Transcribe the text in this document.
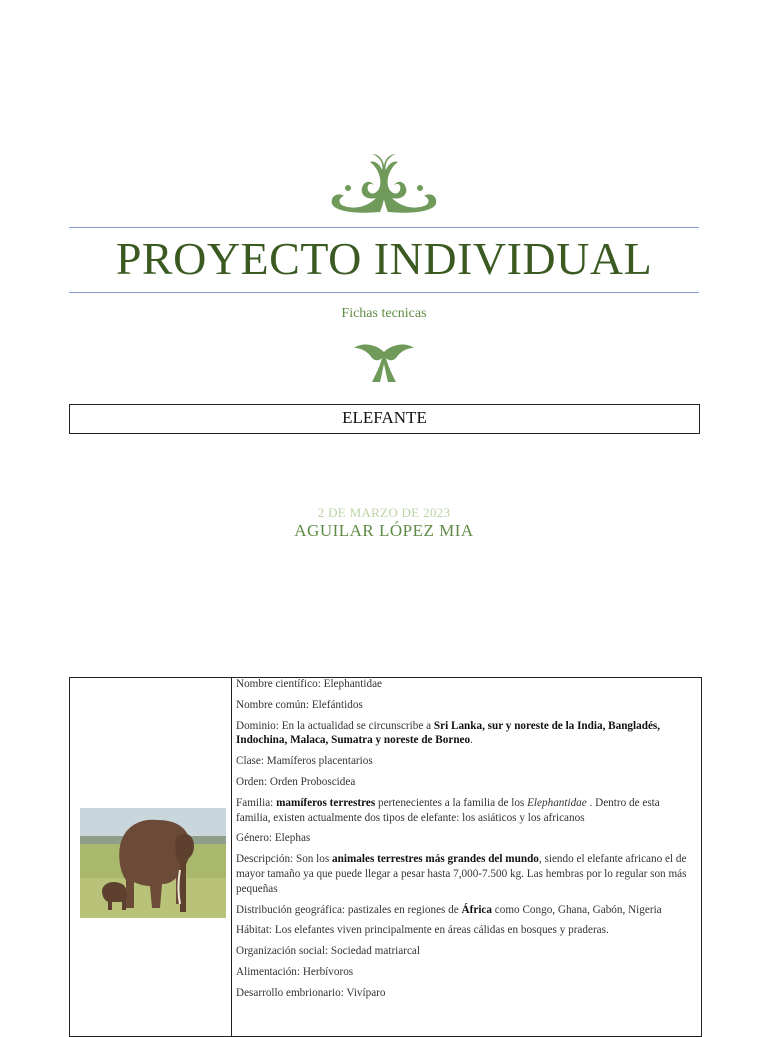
PROYECTO INDIVIDUAL
Fichas tecnicas
ELEFANTE
2 DE MARZO DE 2023
AGUILAR LÓPEZ MIA

Nombre científico: Elephantidae

Nombre común: Elefántidos

Dominio: En la actualidad se circunscribe a Sri Lanka, sur y noreste de la India, Bangladés, Indochina, Malaca, Sumatra y noreste de Borneo.

Clase: Mamíferos placentarios

Orden: Orden Proboscidea

Familia: mamíferos terrestres pertenecientes a la familia de los Elephantidae . Dentro de esta familia, existen actualmente dos tipos de elefante: los asiáticos y los africanos

Género: Elephas

Descripción: Son los animales terrestres más grandes del mundo, siendo el elefante africano el de mayor tamaño ya que puede llegar a pesar hasta 7,000-7.500 kg. Las hembras por lo regular son más pequeñas

Distribución geográfica: pastizales en regiones de África como Congo, Ghana, Gabón, Nigeria

Hábitat: Los elefantes viven principalmente en áreas cálidas en bosques y praderas.

Organización social: Sociedad matriarcal

Alimentación: Herbívoros

Desarrollo embrionario: Vivíparo
